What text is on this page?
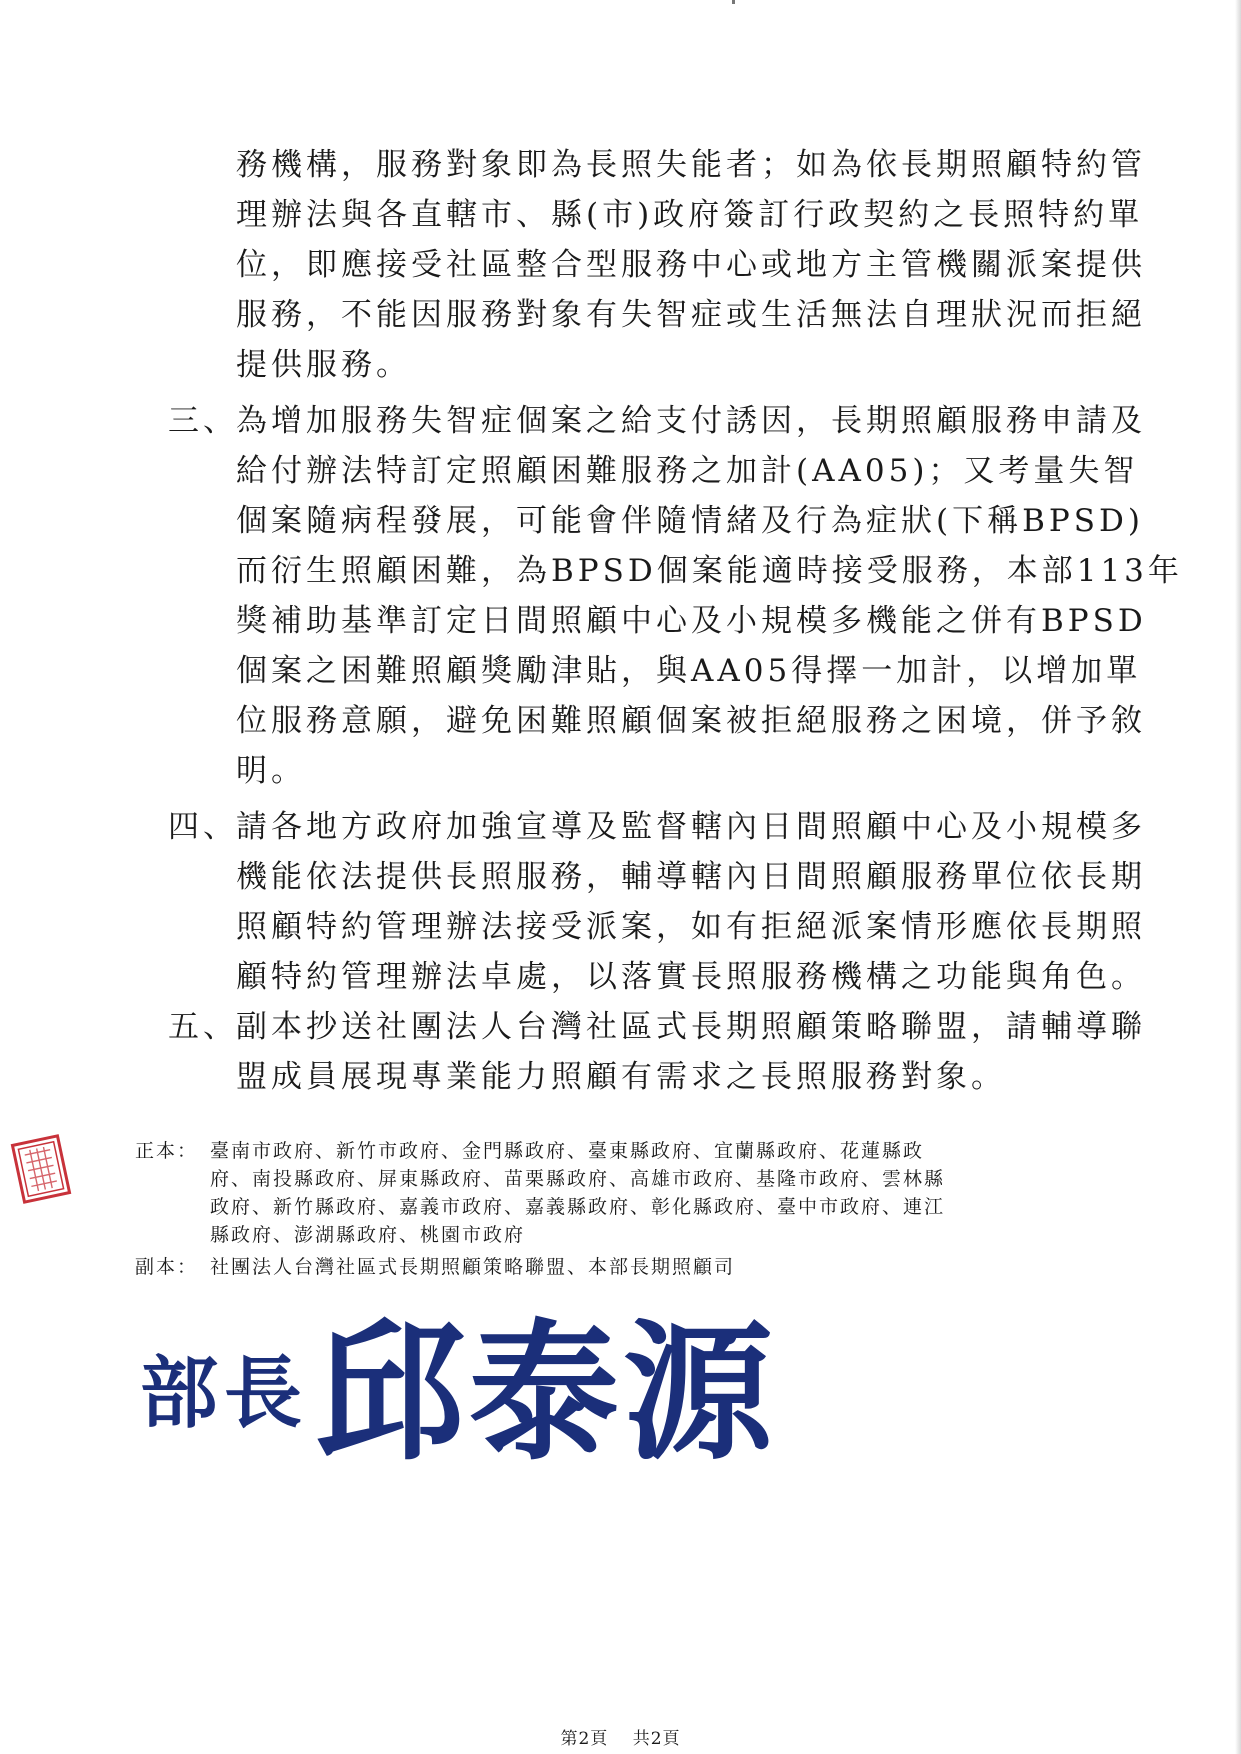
務機構，服務對象即為長照失能者；如為依長期照顧特約管
理辦法與各直轄市、縣(市)政府簽訂行政契約之長照特約單
位，即應接受社區整合型服務中心或地方主管機關派案提供
服務，不能因服務對象有失智症或生活無法自理狀況而拒絕
提供服務。
三、
為增加服務失智症個案之給支付誘因，長期照顧服務申請及
給付辦法特訂定照顧困難服務之加計(AA05)；又考量失智
個案隨病程發展，可能會伴隨情緒及行為症狀(下稱BPSD)
而衍生照顧困難，為BPSD個案能適時接受服務，本部113年
獎補助基準訂定日間照顧中心及小規模多機能之併有BPSD
個案之困難照顧獎勵津貼，與AA05得擇一加計，以增加單
位服務意願，避免困難照顧個案被拒絕服務之困境，併予敘
明。
四、
請各地方政府加強宣導及監督轄內日間照顧中心及小規模多
機能依法提供長照服務，輔導轄內日間照顧服務單位依長期
照顧特約管理辦法接受派案，如有拒絕派案情形應依長期照
顧特約管理辦法卓處，以落實長照服務機構之功能與角色。
五、
副本抄送社團法人台灣社區式長期照顧策略聯盟，請輔導聯
盟成員展現專業能力照顧有需求之長照服務對象。
正本： 臺南市政府、新竹市政府、金門縣政府、臺東縣政府、宜蘭縣政府、花蓮縣政
府、南投縣政府、屏東縣政府、苗栗縣政府、高雄市政府、基隆市政府、雲林縣
政府、新竹縣政府、嘉義市政府、嘉義縣政府、彰化縣政府、臺中市政府、連江
縣政府、澎湖縣政府、桃園市政府
副本： 社團法人台灣社區式長期照顧策略聯盟、本部長期照顧司
部長 邱泰源
第2頁 共2頁
